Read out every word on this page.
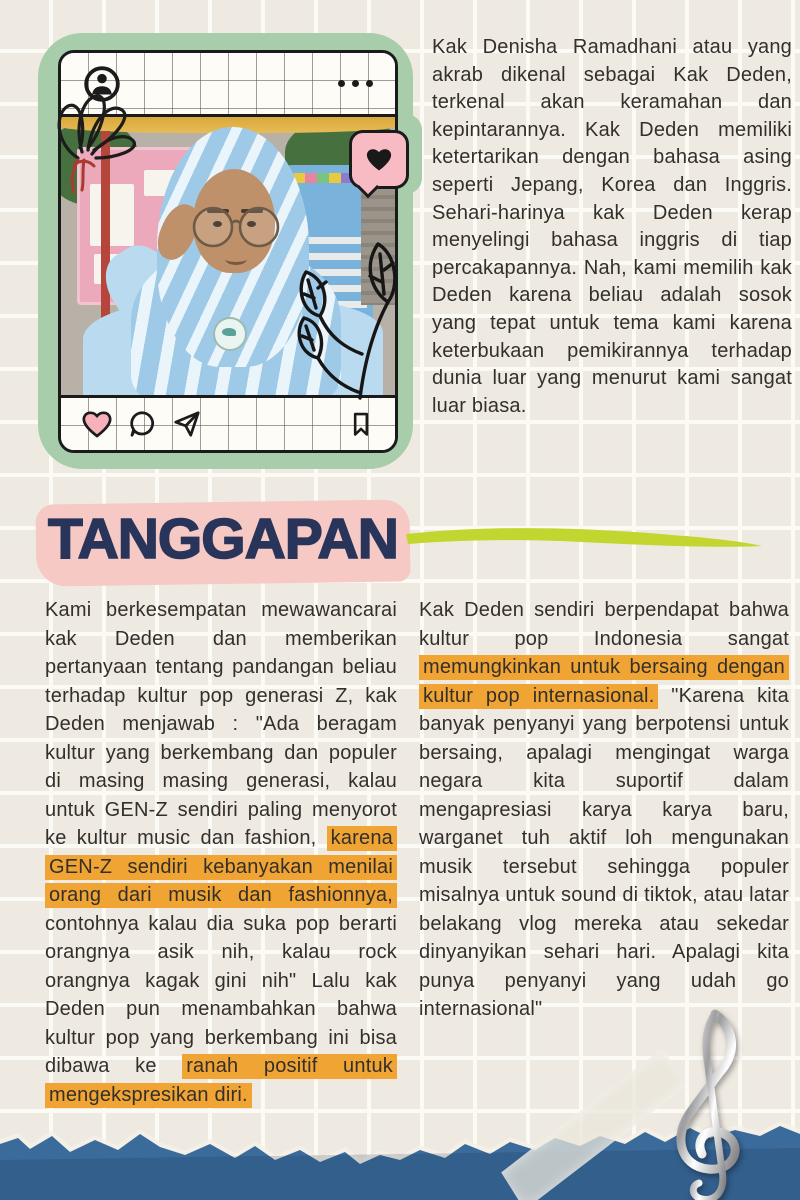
Kak Denisha Ramadhani atau yang akrab dikenal sebagai Kak Deden, terkenal akan keramahan dan kepintarannya. Kak Deden memiliki ketertarikan dengan bahasa asing seperti Jepang, Korea dan Inggris. Sehari-harinya kak Deden kerap menyelingi bahasa inggris di tiap percakapannya. Nah, kami memilih kak Deden karena beliau adalah sosok yang tepat untuk tema kami karena keterbukaan pemikirannya terhadap dunia luar yang menurut kami sangat luar biasa.

TANGGAPAN

Kami berkesempatan mewawancarai kak Deden dan memberikan pertanyaan tentang pandangan beliau terhadap kultur pop generasi Z, kak Deden menjawab : "Ada beragam kultur yang berkembang dan populer di masing masing generasi, kalau untuk GEN-Z sendiri paling menyorot ke kultur music dan fashion, karena GEN-Z sendiri kebanyakan menilai orang dari musik dan fashionnya, contohnya kalau dia suka pop berarti orangnya asik nih, kalau rock orangnya kagak gini nih" Lalu kak Deden pun menambahkan bahwa kultur pop yang berkembang ini bisa dibawa ke ranah positif untuk mengekspresikan diri.

Kak Deden sendiri berpendapat bahwa kultur pop Indonesia sangat memungkinkan untuk bersaing dengan kultur pop internasional. "Karena kita banyak penyanyi yang berpotensi untuk bersaing, apalagi mengingat warga negara kita suportif dalam mengapresiasi karya karya baru, warganet tuh aktif loh mengunakan musik tersebut sehingga populer misalnya untuk sound di tiktok, atau latar belakang vlog mereka atau sekedar dinyanyikan sehari hari. Apalagi kita punya penyanyi yang udah go internasional"
